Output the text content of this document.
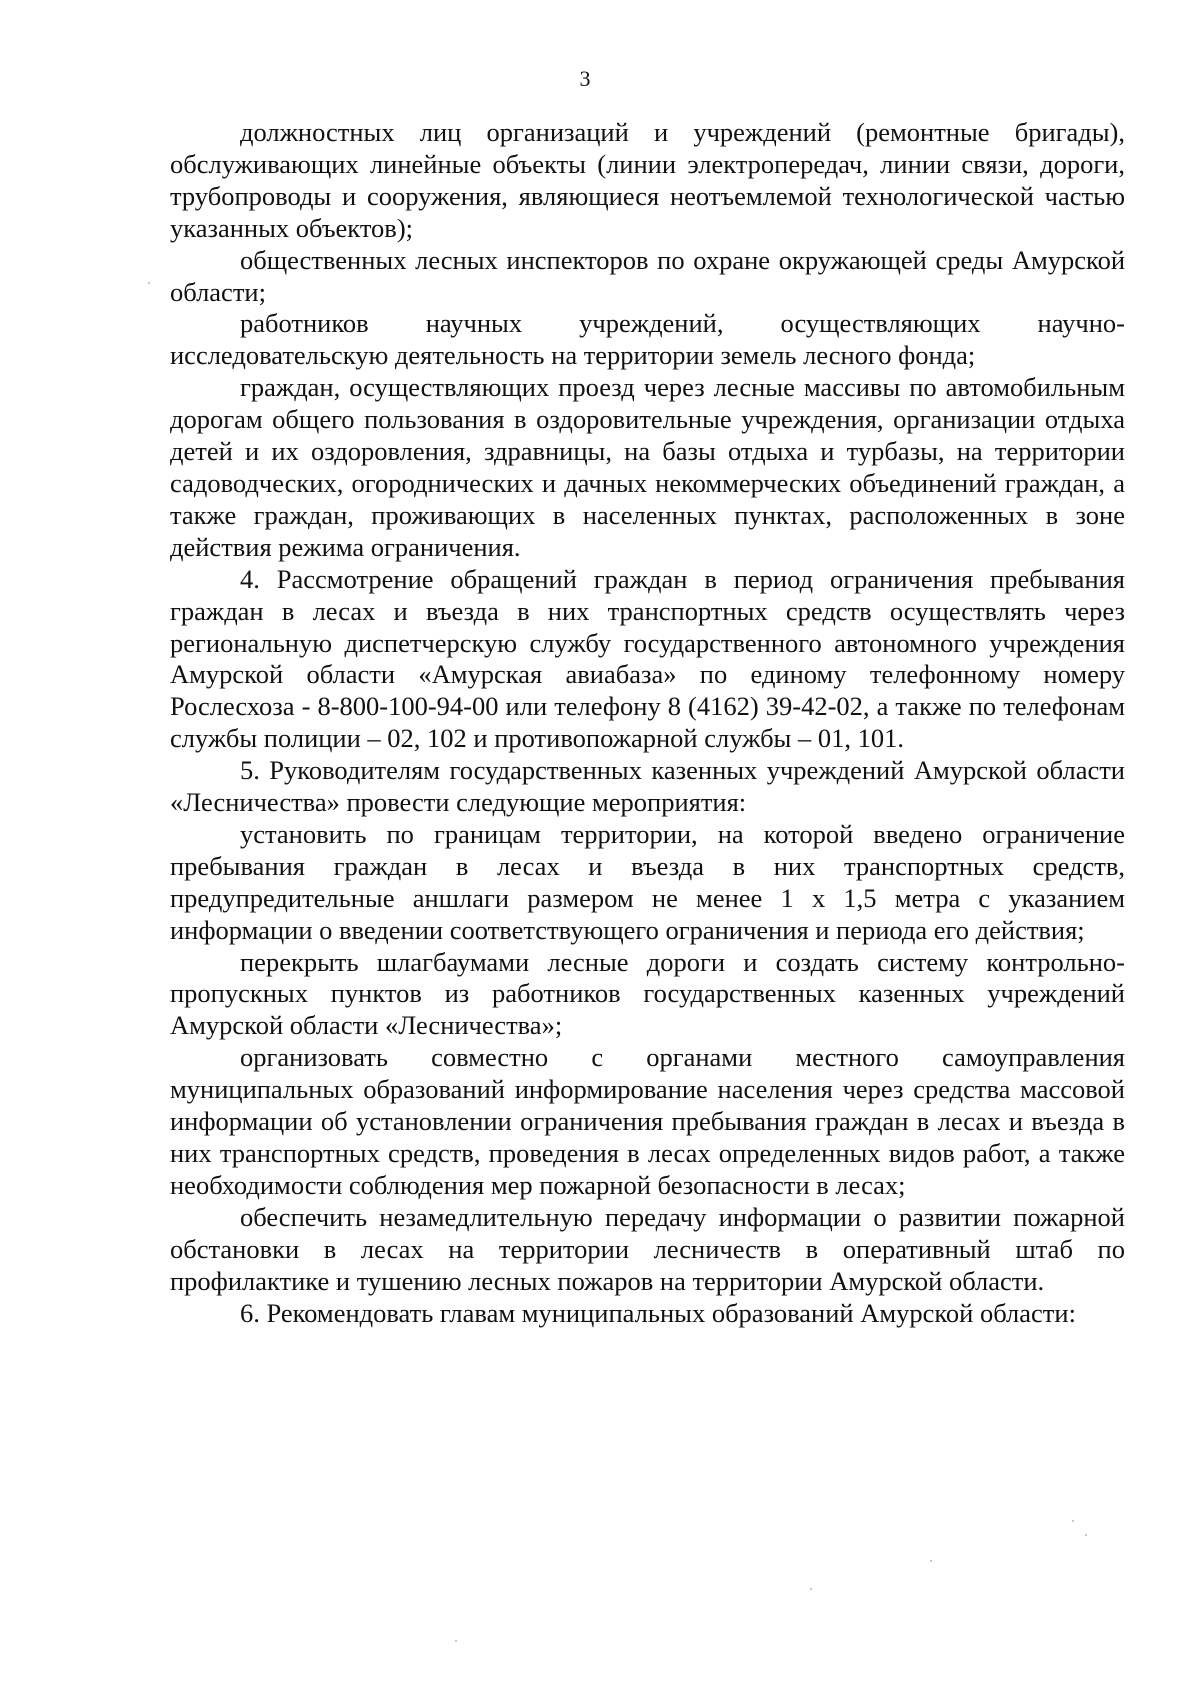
3

должностных лиц организаций и учреждений (ремонтные бригады), обслуживающих линейные объекты (линии электропередач, линии связи, дороги, трубопроводы и сооружения, являющиеся неотъемлемой технологической частью указанных объектов);

общественных лесных инспекторов по охране окружающей среды Амурской области;

работников научных учреждений, осуществляющих научно-исследовательскую деятельность на территории земель лесного фонда;

граждан, осуществляющих проезд через лесные массивы по автомобильным дорогам общего пользования в оздоровительные учреждения, организации отдыха детей и их оздоровления, здравницы, на базы отдыха и турбазы, на территории садоводческих, огороднических и дачных некоммерческих объединений граждан, а также граждан, проживающих в населенных пунктах, расположенных в зоне действия режима ограничения.

4. Рассмотрение обращений граждан в период ограничения пребывания граждан в лесах и въезда в них транспортных средств осуществлять через региональную диспетчерскую службу государственного автономного учреждения Амурской области «Амурская авиабаза» по единому телефонному номеру Рослесхоза - 8-800-100-94-00 или телефону 8 (4162) 39-42-02, а также по телефонам службы полиции – 02, 102 и противопожарной службы – 01, 101.

5. Руководителям государственных казенных учреждений Амурской области «Лесничества» провести следующие мероприятия:

установить по границам территории, на которой введено ограничение пребывания граждан в лесах и въезда в них транспортных средств, предупредительные аншлаги размером не менее 1 х 1,5 метра с указанием информации о введении соответствующего ограничения и периода его действия;

перекрыть шлагбаумами лесные дороги и создать систему контрольно-пропускных пунктов из работников государственных казенных учреждений Амурской области «Лесничества»;

организовать совместно с органами местного самоуправления муниципальных образований информирование населения через средства массовой информации об установлении ограничения пребывания граждан в лесах и въезда в них транспортных средств, проведения в лесах определенных видов работ, а также необходимости соблюдения мер пожарной безопасности в лесах;

обеспечить незамедлительную передачу информации о развитии пожарной обстановки в лесах на территории лесничеств в оперативный штаб по профилактике и тушению лесных пожаров на территории Амурской области.

6. Рекомендовать главам муниципальных образований Амурской области:
